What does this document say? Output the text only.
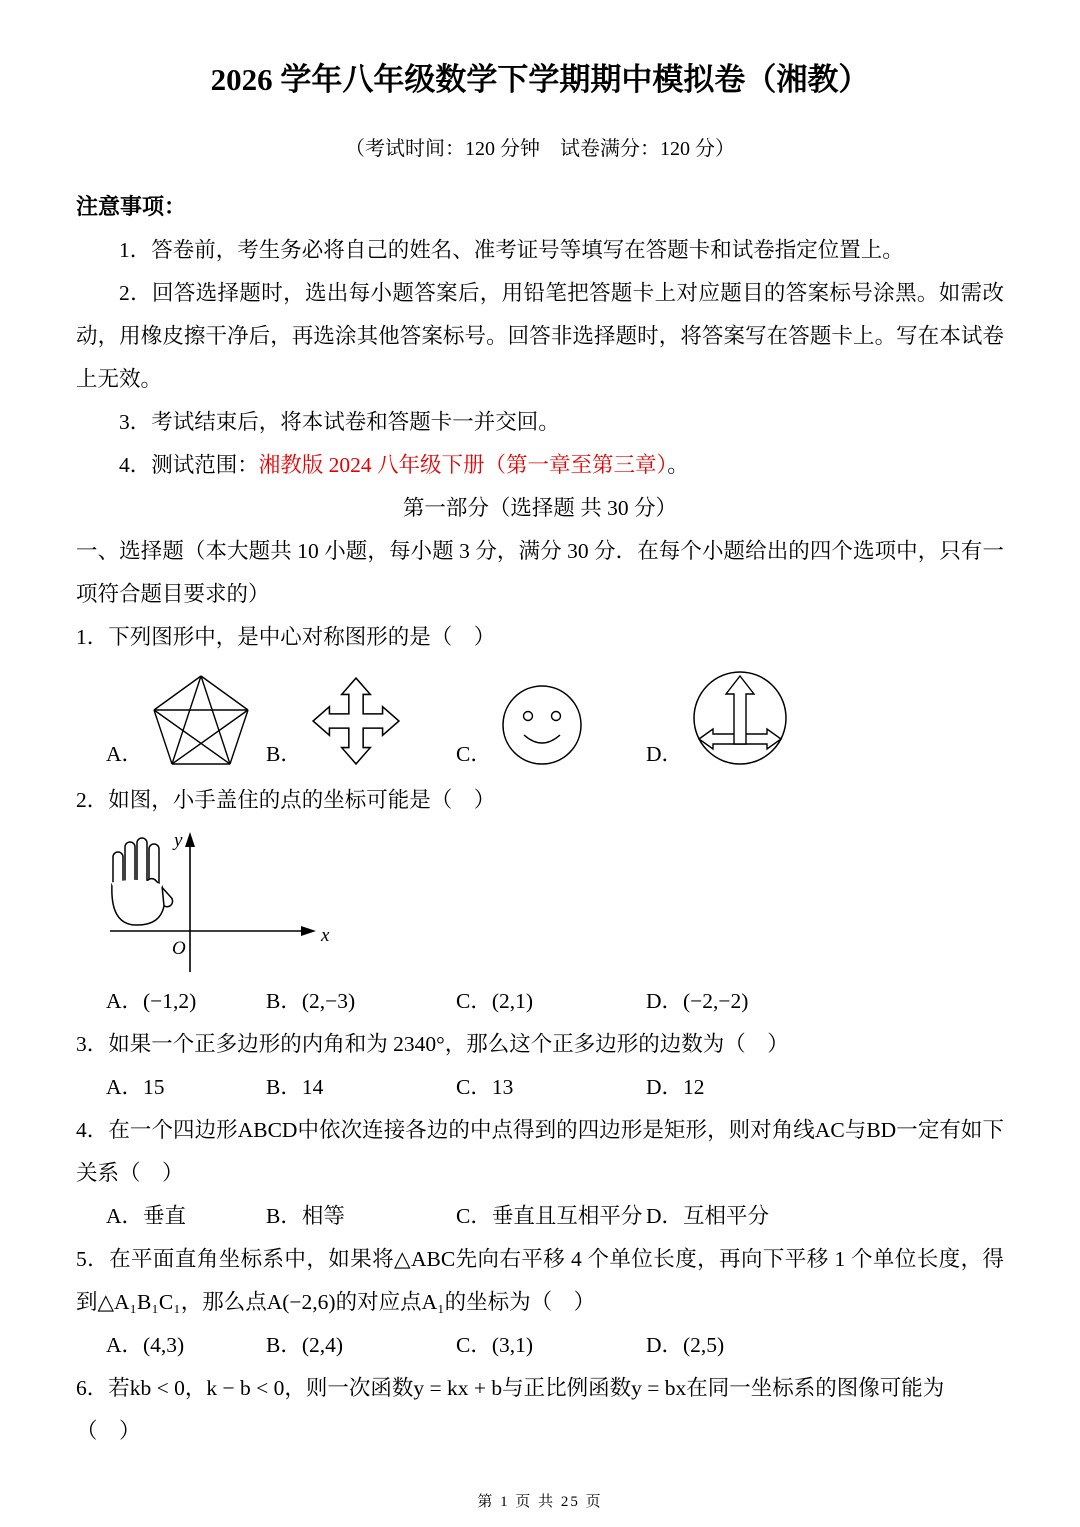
2026 学年八年级数学下学期期中模拟卷（湘教）
（考试时间：120 分钟　试卷满分：120 分）
注意事项：

1．答卷前，考生务必将自己的姓名、准考证号等填写在答题卡和试卷指定位置上。

2．回答选择题时，选出每小题答案后，用铅笔把答题卡上对应题目的答案标号涂黑。如需改动，用橡皮擦干净后，再选涂其他答案标号。回答非选择题时，将答案写在答题卡上。写在本试卷上无效。

3．考试结束后，将本试卷和答题卡一并交回。

4．测试范围：湘教版 2024 八年级下册（第一章至第三章）。

第一部分（选择题 共 30 分）

一、选择题（本大题共 10 小题，每小题 3 分，满分 30 分．在每个小题给出的四个选项中，只有一项符合题目要求的）

1．下列图形中，是中心对称图形的是（　）

A．	B．	C．	D．

2．如图，小手盖住的点的坐标可能是（　）

O
x
y
A．(−1,2)	B．(2,−3)	C．(2,1)	D．(−2,−2)

3．如果一个正多边形的内角和为 2340°，那么这个正多边形的边数为（　）

A．15	B．14	C．13	D．12

4．在一个四边形ABCD中依次连接各边的中点得到的四边形是矩形，则对角线AC与BD一定有如下关系（　）

A．垂直	B．相等	C．垂直且互相平分 D．互相平分

5．在平面直角坐标系中，如果将△ABC先向右平移 4 个单位长度，再向下平移 1 个单位长度，得到△A₁B₁C₁，那么点A(−2,6)的对应点A₁的坐标为（　）

A．(4,3)	B．(2,4)	C．(3,1)	D．(2,5)

6．若kb < 0，k − b < 0，则一次函数y = kx + b与正比例函数y = bx在同一坐标系的图像可能为

（　）

第 1 页 共 25 页
